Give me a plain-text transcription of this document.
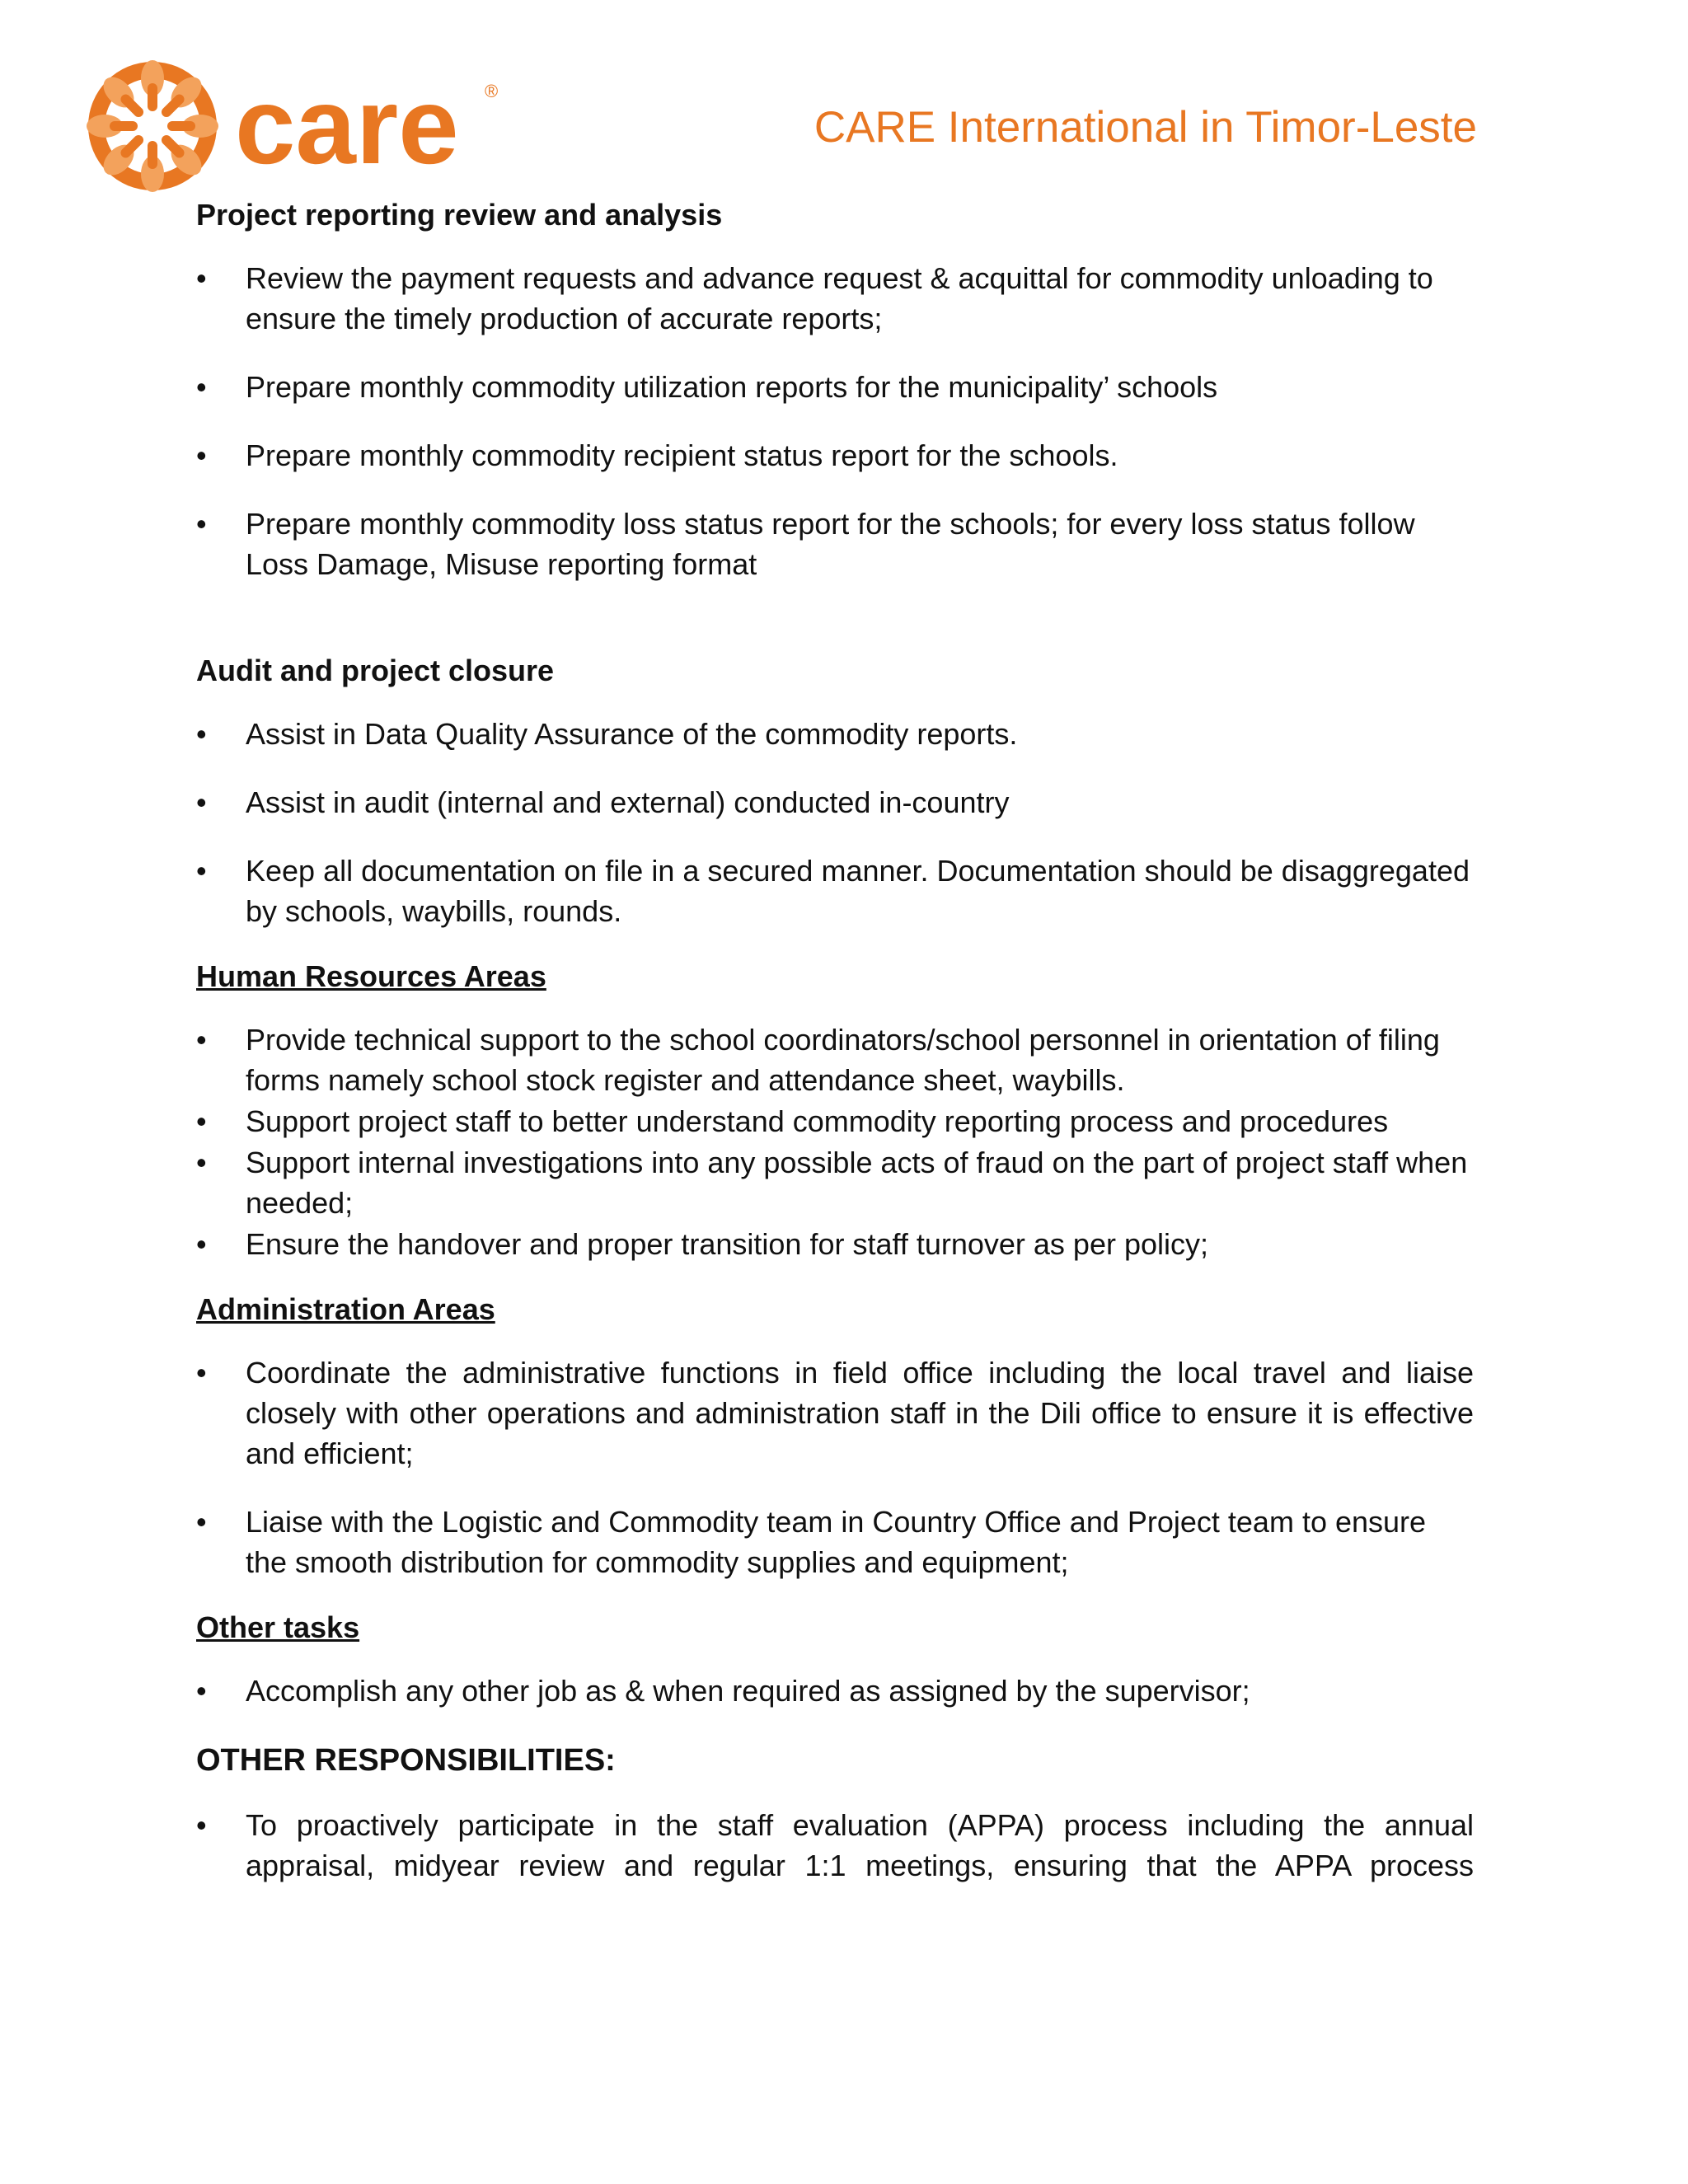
care ®
CARE International in Timor-Leste

Project reporting review and analysis

• Review the payment requests and advance request & acquittal for commodity unloading to ensure the timely production of accurate reports;
• Prepare monthly commodity utilization reports for the municipality’ schools
• Prepare monthly commodity recipient status report for the schools.
• Prepare monthly commodity loss status report for the schools; for every loss status follow Loss Damage, Misuse reporting format

Audit and project closure

• Assist in Data Quality Assurance of the commodity reports.
• Assist in audit (internal and external) conducted in-country
• Keep all documentation on file in a secured manner. Documentation should be disaggregated by schools, waybills, rounds.

Human Resources Areas

• Provide technical support to the school coordinators/school personnel in orientation of filing forms namely school stock register and attendance sheet, waybills.
• Support project staff to better understand commodity reporting process and procedures
• Support internal investigations into any possible acts of fraud on the part of project staff when needed;
• Ensure the handover and proper transition for staff turnover as per policy;

Administration Areas

• Coordinate the administrative functions in field office including the local travel and liaise closely with other operations and administration staff in the Dili office to ensure it is effective and efficient;
• Liaise with the Logistic and Commodity team in Country Office and Project team to ensure the smooth distribution for commodity supplies and equipment;

Other tasks

• Accomplish any other job as & when required as assigned by the supervisor;

OTHER RESPONSIBILITIES:

• To proactively participate in the staff evaluation (APPA) process including the annual appraisal, midyear review and regular 1:1 meetings, ensuring that the APPA process
